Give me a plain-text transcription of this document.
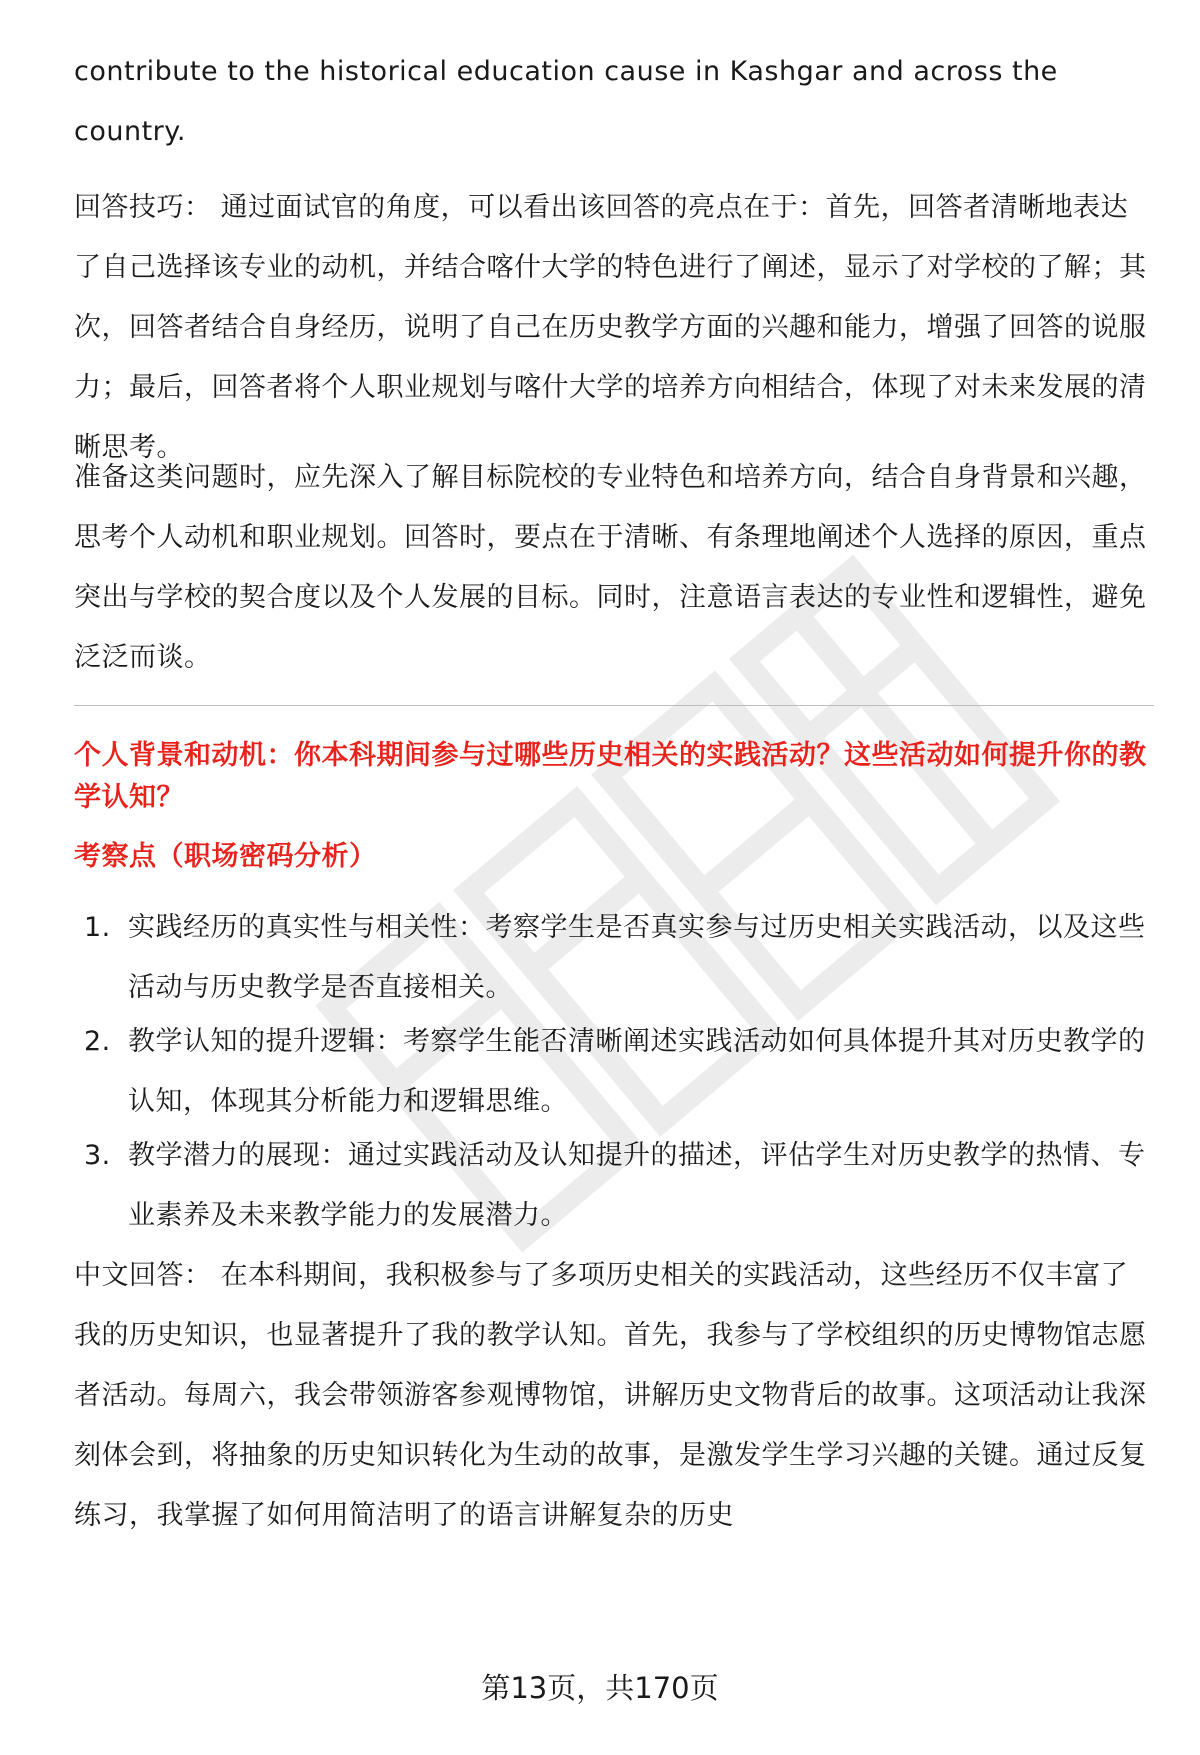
contribute to the historical education cause in Kashgar and across the country.

回答技巧： 通过面试官的角度，可以看出该回答的亮点在于：首先，回答者清晰地表达了自己选择该专业的动机，并结合喀什大学的特色进行了阐述，显示了对学校的了解；其次，回答者结合自身经历，说明了自己在历史教学方面的兴趣和能力，增强了回答的说服力；最后，回答者将个人职业规划与喀什大学的培养方向相结合，体现了对未来发展的清晰思考。

准备这类问题时，应先深入了解目标院校的专业特色和培养方向，结合自身背景和兴趣，思考个人动机和职业规划。回答时，要点在于清晰、有条理地阐述个人选择的原因，重点突出与学校的契合度以及个人发展的目标。同时，注意语言表达的专业性和逻辑性，避免泛泛而谈。

个人背景和动机：你本科期间参与过哪些历史相关的实践活动？这些活动如何提升你的教学认知？
考察点（职场密码分析）
1. 实践经历的真实性与相关性：考察学生是否真实参与过历史相关实践活动，以及这些活动与历史教学是否直接相关。
2. 教学认知的提升逻辑：考察学生能否清晰阐述实践活动如何具体提升其对历史教学的认知，体现其分析能力和逻辑思维。
3. 教学潜力的展现：通过实践活动及认知提升的描述，评估学生对历史教学的热情、专业素养及未来教学能力的发展潜力。

中文回答： 在本科期间，我积极参与了多项历史相关的实践活动，这些经历不仅丰富了我的历史知识，也显著提升了我的教学认知。首先，我参与了学校组织的历史博物馆志愿者活动。每周六，我会带领游客参观博物馆，讲解历史文物背后的故事。这项活动让我深刻体会到，将抽象的历史知识转化为生动的故事，是激发学生学习兴趣的关键。通过反复练习，我掌握了如何用简洁明了的语言讲解复杂的历史

第13页，共170页
